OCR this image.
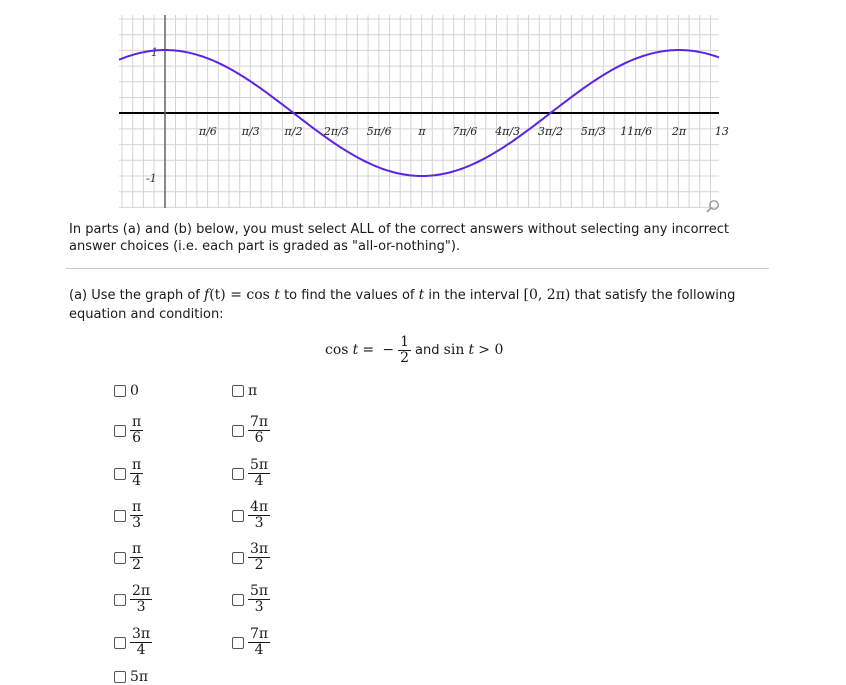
π/6 π/3 π/2 2π/3 5π/6 π 7π/6 4π/3 3π/2 5π/3 11π/6 2π	13
1
-1
In parts (a) and (b) below, you must select ALL of the correct answers without selecting any incorrect answer choices (i.e. each part is graded as "all-or-nothing").
(a) Use the graph of f(t) = cos t to find the values of t in the interval [0, 2π) that satisfy the following equation and condition:
cos
t
=
− $\frac{1}{2}$ and
sin
t
> 0
0
$\frac{\pi}{6}$
$\frac{\pi}{4}$
$\frac{\pi}{3}$
$\frac{\pi}{2}$
$\frac{2\pi}{3}$
$\frac{3\pi}{4}$
5π
π
$\frac{7\pi}{6}$
$\frac{5\pi}{4}$
$\frac{4\pi}{3}$
$\frac{3\pi}{2}$
$\frac{5\pi}{3}$
$\frac{7\pi}{4}$
